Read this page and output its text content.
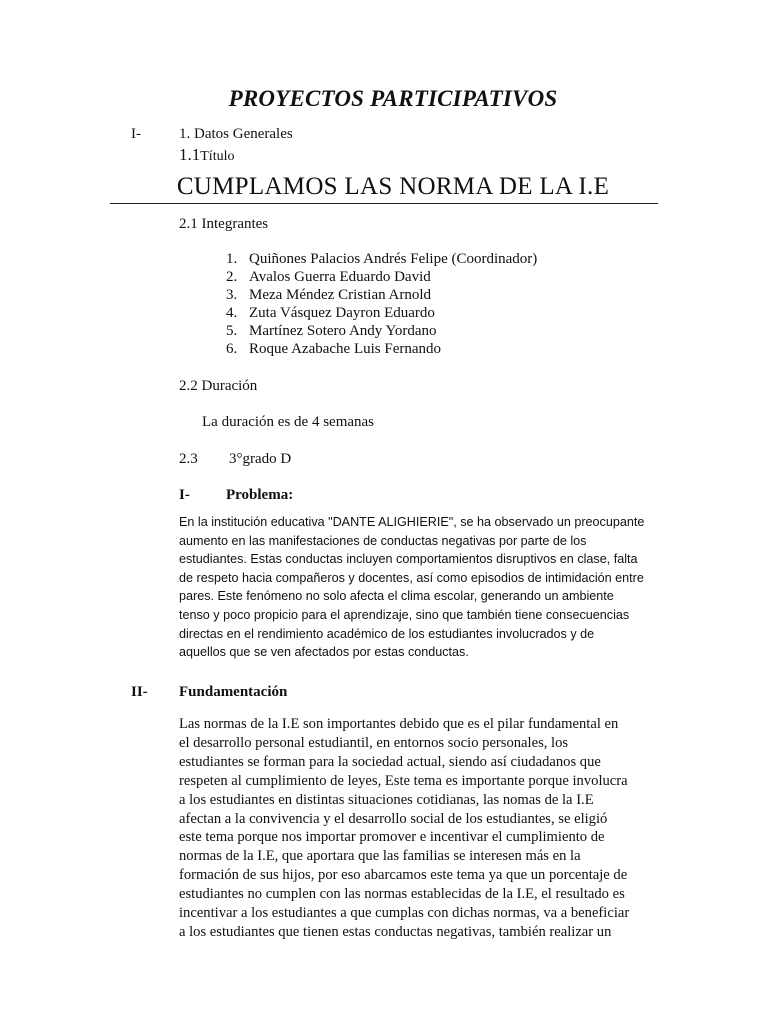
PROYECTOS PARTICIPATIVOS
I-	1. Datos Generales
1.1Título
CUMPLAMOS LAS NORMA DE LA I.E
2.1 Integrantes
1. Quiñones Palacios Andrés Felipe (Coordinador)
2. Avalos Guerra Eduardo David
3. Meza Méndez Cristian Arnold
4. Zuta Vásquez Dayron Eduardo
5. Martínez Sotero Andy Yordano
6. Roque Azabache Luis Fernando
2.2 Duración
La duración es de 4 semanas
2.3 3°grado D
I- Problema:
En la institución educativa "DANTE ALIGHIERIE", se ha observado un preocupante
aumento en las manifestaciones de conductas negativas por parte de los
estudiantes. Estas conductas incluyen comportamientos disruptivos en clase, falta
de respeto hacia compañeros y docentes, así como episodios de intimidación entre
pares. Este fenómeno no solo afecta el clima escolar, generando un ambiente
tenso y poco propicio para el aprendizaje, sino que también tiene consecuencias
directas en el rendimiento académico de los estudiantes involucrados y de
aquellos que se ven afectados por estas conductas.
II- Fundamentación
Las normas de la I.E son importantes debido que es el pilar fundamental en
el desarrollo personal estudiantil, en entornos socio personales, los
estudiantes se forman para la sociedad actual, siendo así ciudadanos que
respeten al cumplimiento de leyes, Este tema es importante porque involucra
a los estudiantes en distintas situaciones cotidianas, las nomas de la I.E
afectan a la convivencia y el desarrollo social de los estudiantes, se eligió
este tema porque nos importar promover e incentivar el cumplimiento de
normas de la I.E, que aportara que las familias se interesen más en la
formación de sus hijos, por eso abarcamos este tema ya que un porcentaje de
estudiantes no cumplen con las normas establecidas de la I.E, el resultado es
incentivar a los estudiantes a que cumplas con dichas normas, va a beneficiar
a los estudiantes que tienen estas conductas negativas, también realizar un
